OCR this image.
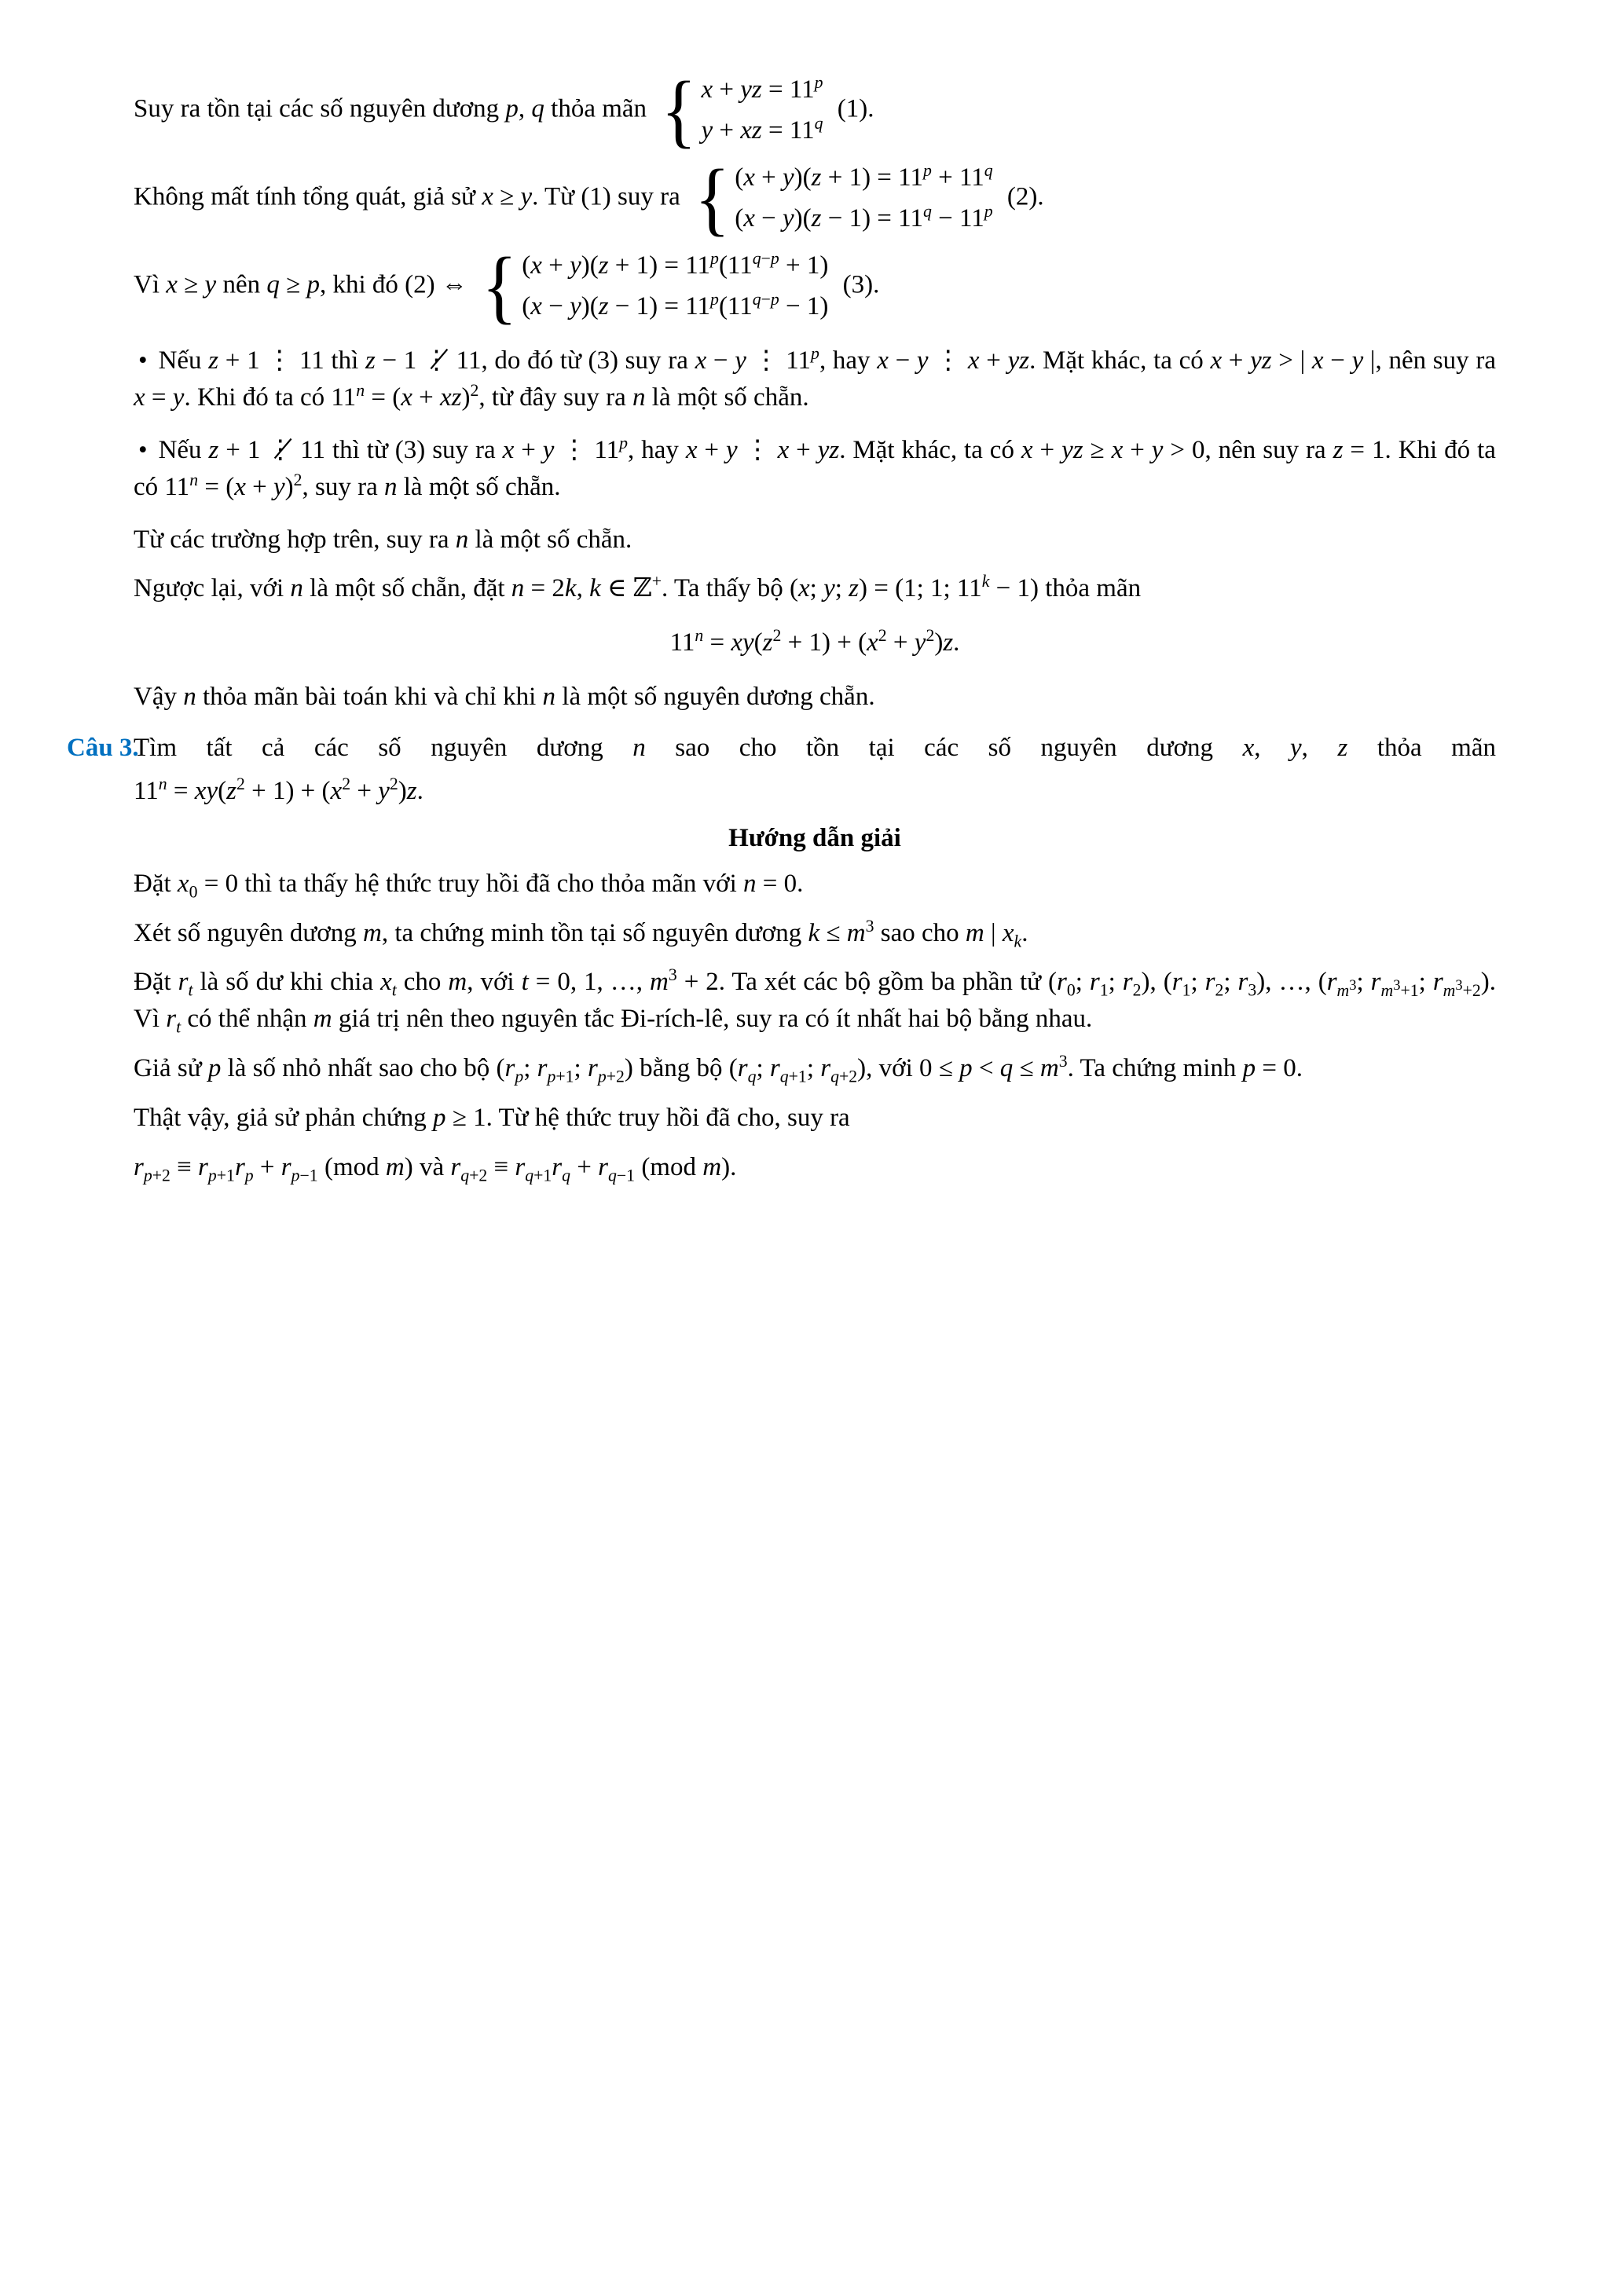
Suy ra tồn tại các số nguyên dương p, q thỏa mãn { x + yz = $11^p$
y + xz = $11^q$
(1).

Không mất tính tổng quát, giả sử x ≥ y. Từ (1) suy ra { $(x + y)(z + 1) = 11^p + 11^q$
$(x - y)(z - 1) = 11^q - 11^p$
(2).

Vì x ≥ y nên q ≥ p, khi đó (2) ⇔ { $(x + y)(z + 1) = 11^p(11^{q-p} + 1)$
$(x - y)(z - 1) = 11^p(11^{q-p} - 1)$
(3).

• Nếu z + 1 ⋮ 11 thì z − 1 ⋮̸ 11, do đó từ (3) suy ra x − y ⋮ 11$^p$, hay x − y ⋮ x + yz. Mặt khác, ta có x + yz > | x − y |, nên suy ra x = y. Khi đó ta có $11^n = (x + xz)^2$, từ đây suy ra n là một số chẵn.

• Nếu z + 1 ⋮̸ 11 thì từ (3) suy ra x + y ⋮ 11$^p$, hay x + y ⋮ x + yz. Mặt khác, ta có x + yz ≥ x + y > 0, nên suy ra z = 1. Khi đó ta có $11^n = (x + y)^2$, suy ra n là một số chẵn.

Từ các trường hợp trên, suy ra n là một số chẵn.

Ngược lại, với n là một số chẵn, đặt n = 2k, k ∈ ℤ+. Ta thấy bộ (x; y; z) = (1; 1; $11^k - 1$) thỏa mãn

$11^n = xy(z^2 + 1) + (x^2 + y^2)z$.

Vậy n thỏa mãn bài toán khi và chỉ khi n là một số nguyên dương chẵn.

Câu 3.

Tìm tất cả các số nguyên dương n sao cho tồn tại các số nguyên dương x, y, z thỏa mãn

$11^n = xy(z^2 + 1) + (x^2 + y^2)z$.

Hướng dẫn giải

Đặt $x_0 = 0$ thì ta thấy hệ thức truy hồi đã cho thỏa mãn với n = 0.

Xét số nguyên dương m, ta chứng minh tồn tại số nguyên dương $k \le m^3$ sao cho m | $x_k$.

Đặt $r_t$ là số dư khi chia $x_t$ cho m, với t = 0, 1, …, $m^3 + 2$. Ta xét các bộ gồm ba phần tử ($r_0$; $r_1$; $r_2$), ($r_1$; $r_2$; $r_3$), …, ($r_{m^3}$; $r_{m^3+1}$; $r_{m^3+2}$). Vì $r_t$ có thể nhận m giá trị nên theo nguyên tắc Đi-rích-lê, suy ra có ít nhất hai bộ bằng nhau.

Giả sử p là số nhỏ nhất sao cho bộ ($r_p$; $r_{p+1}$; $r_{p+2}$) bằng bộ ($r_q$; $r_{q+1}$; $r_{q+2}$), với $0 \le p < q \le m^3$. Ta chứng minh p = 0.

Thật vậy, giả sử phản chứng p ≥ 1. Từ hệ thức truy hồi đã cho, suy ra

$r_{p+2} \equiv r_{p+1}r_p + r_{p-1}$ (mod m) và $r_{q+2} \equiv r_{q+1}r_q + r_{q-1}$ (mod m).
